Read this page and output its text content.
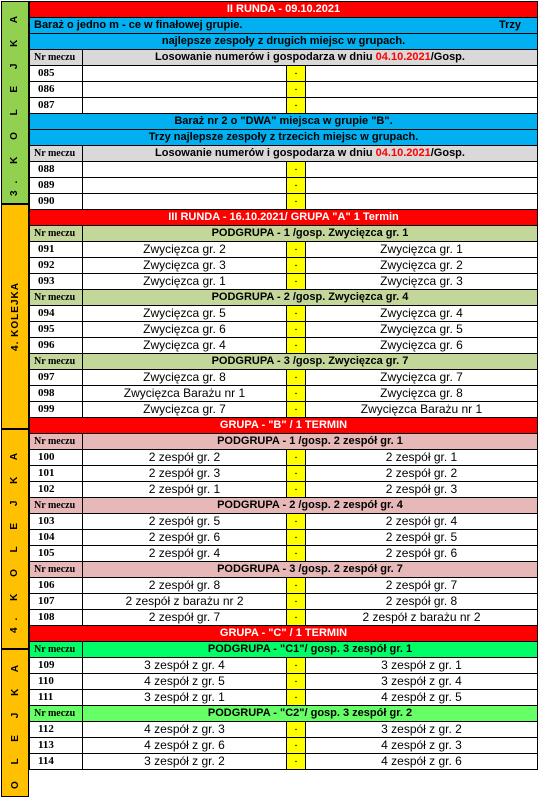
3. K O L E J K A
4. KOLEJKA
4. K O L E J K A
O L E J K A
II RUNDA - 09.10.2021			
Baraż o jedno m - ce w finałowej grupie. Trzy			

najlepsze zespoły z drugich miejsc w grupach.			
Nr meczu	Losowanie numerów i gospodarza w dniu 04.10.2021/Gosp.		
085		-	
086		-	
087		-	
Baraż nr 2 o "DWA" miejsca w grupie "B".			
Trzy najlepsze zespoły z trzecich miejsc w grupach.			
Nr meczu	Losowanie numerów i gospodarza w dniu 04.10.2021/Gosp.		
088		-	
089		-	
090		-	
III RUNDA - 16.10.2021/ GRUPA "A" 1 Termin			
Nr meczu	PODGRUPA - 1 /gosp. Zwycięzca gr. 1		
091	Zwycięzca gr. 2	-	Zwycięzca gr. 1
092	Zwycięzca gr. 3	-	Zwycięzca gr. 2
093	Zwycięzca gr. 1	-	Zwycięzca gr. 3
Nr meczu	PODGRUPA - 2 /gosp. Zwycięzca gr. 4		
094	Zwycięzca gr. 5	-	Zwycięzca gr. 4
095	Zwycięzca gr. 6	-	Zwycięzca gr. 5
096	Zwycięzca gr. 4	-	Zwycięzca gr. 6
Nr meczu	PODGRUPA - 3 /gosp. Zwycięzca gr. 7		
097	Zwycięzca gr. 8	-	Zwycięzca gr. 7
098	Zwycięzca Barażu nr 1	-	Zwycięzca gr. 8
099	Zwycięzca gr. 7	-	Zwycięzca Barażu nr 1
GRUPA - "B" / 1 TERMIN			
Nr meczu	PODGRUPA - 1 /gosp. 2 zespół gr. 1		
100	2 zespół gr. 2	-	2 zespół gr. 1
101	2 zespół gr. 3	-	2 zespół gr. 2
102	2 zespół gr. 1	-	2 zespół gr. 3
Nr meczu	PODGRUPA - 2 /gosp. 2 zespół gr. 4		
103	2 zespół gr. 5	-	2 zespół gr. 4
104	2 zespół gr. 6	-	2 zespół gr. 5
105	2 zespół gr. 4	-	2 zespół gr. 6
Nr meczu	PODGRUPA - 3 /gosp. 2 zespół gr. 7		
106	2 zespół gr. 8	-	2 zespół gr. 7
107	2 zespół z barażu nr 2	-	2 zespół gr. 8
108	2 zespół gr. 7	-	2 zespół z barażu nr 2
GRUPA - "C" / 1 TERMIN			
Nr meczu	PODGRUPA - "C1"/ gosp. 3 zespół gr. 1		
109	3 zespół z gr. 4	-	3 zespół z gr. 1
110	4 zespół z gr. 5	-	3 zespół z gr. 4
111	3 zespół z gr. 1	-	4 zespół z gr. 5
Nr meczu	PODGRUPA - "C2"/ gosp. 3 zespół gr. 2		
112	4 zespół z gr. 3	-	3 zespół z gr. 2
113	4 zespół z gr. 6	-	4 zespół z gr. 3
114	3 zespół z gr. 2	-	4 zespół z gr. 6
